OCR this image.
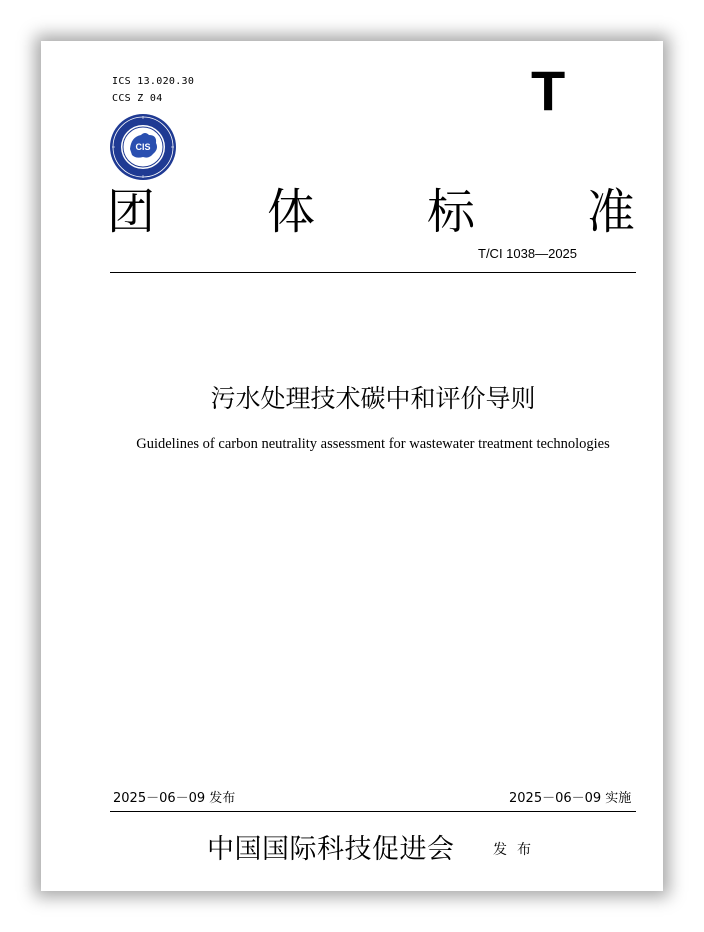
ICS 13.020.30
CCS Z 04	T
CIS
团 体 标 准
T/CI 1038—2025
污水处理技术碳中和评价导则
Guidelines of carbon neutrality assessment for wastewater treatment technologies
2025－06－09 发布	2025－06－09 实施
中国国际科技促进会	发布
